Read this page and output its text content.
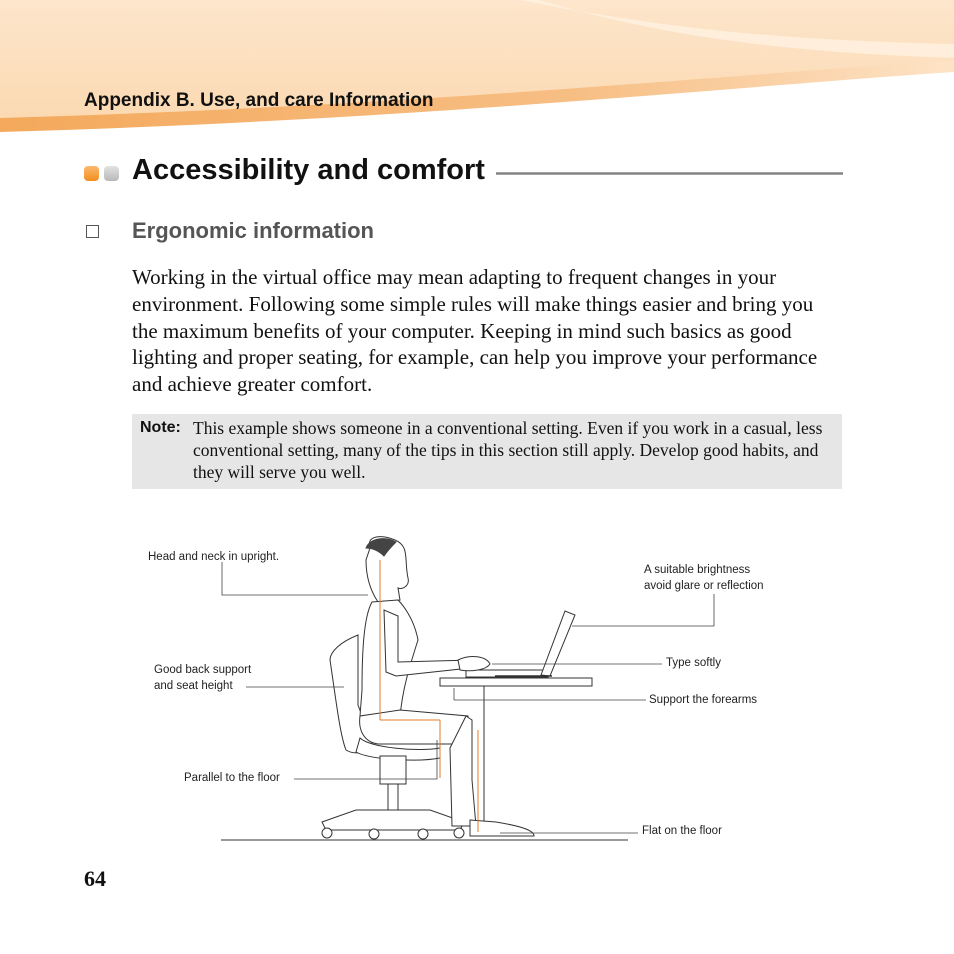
Appendix B. Use, and care Information
Accessibility and comfort
Ergonomic information

Working in the virtual office may mean adapting to frequent changes in your environment. Following some simple rules will make things easier and bring you the maximum benefits of your computer. Keeping in mind such basics as good lighting and proper seating, for example, can help you improve your performance and achieve greater comfort.

Note: This example shows someone in a conventional setting. Even if you work in a casual, less conventional setting, many of the tips in this section still apply. Develop good habits, and they will serve you well.

Head and neck in upright.
A suitable brightness
avoid glare or reflection
Good back support
and seat height
Type softly
Support the forearms
Parallel to the floor
Flat on the floor
64
